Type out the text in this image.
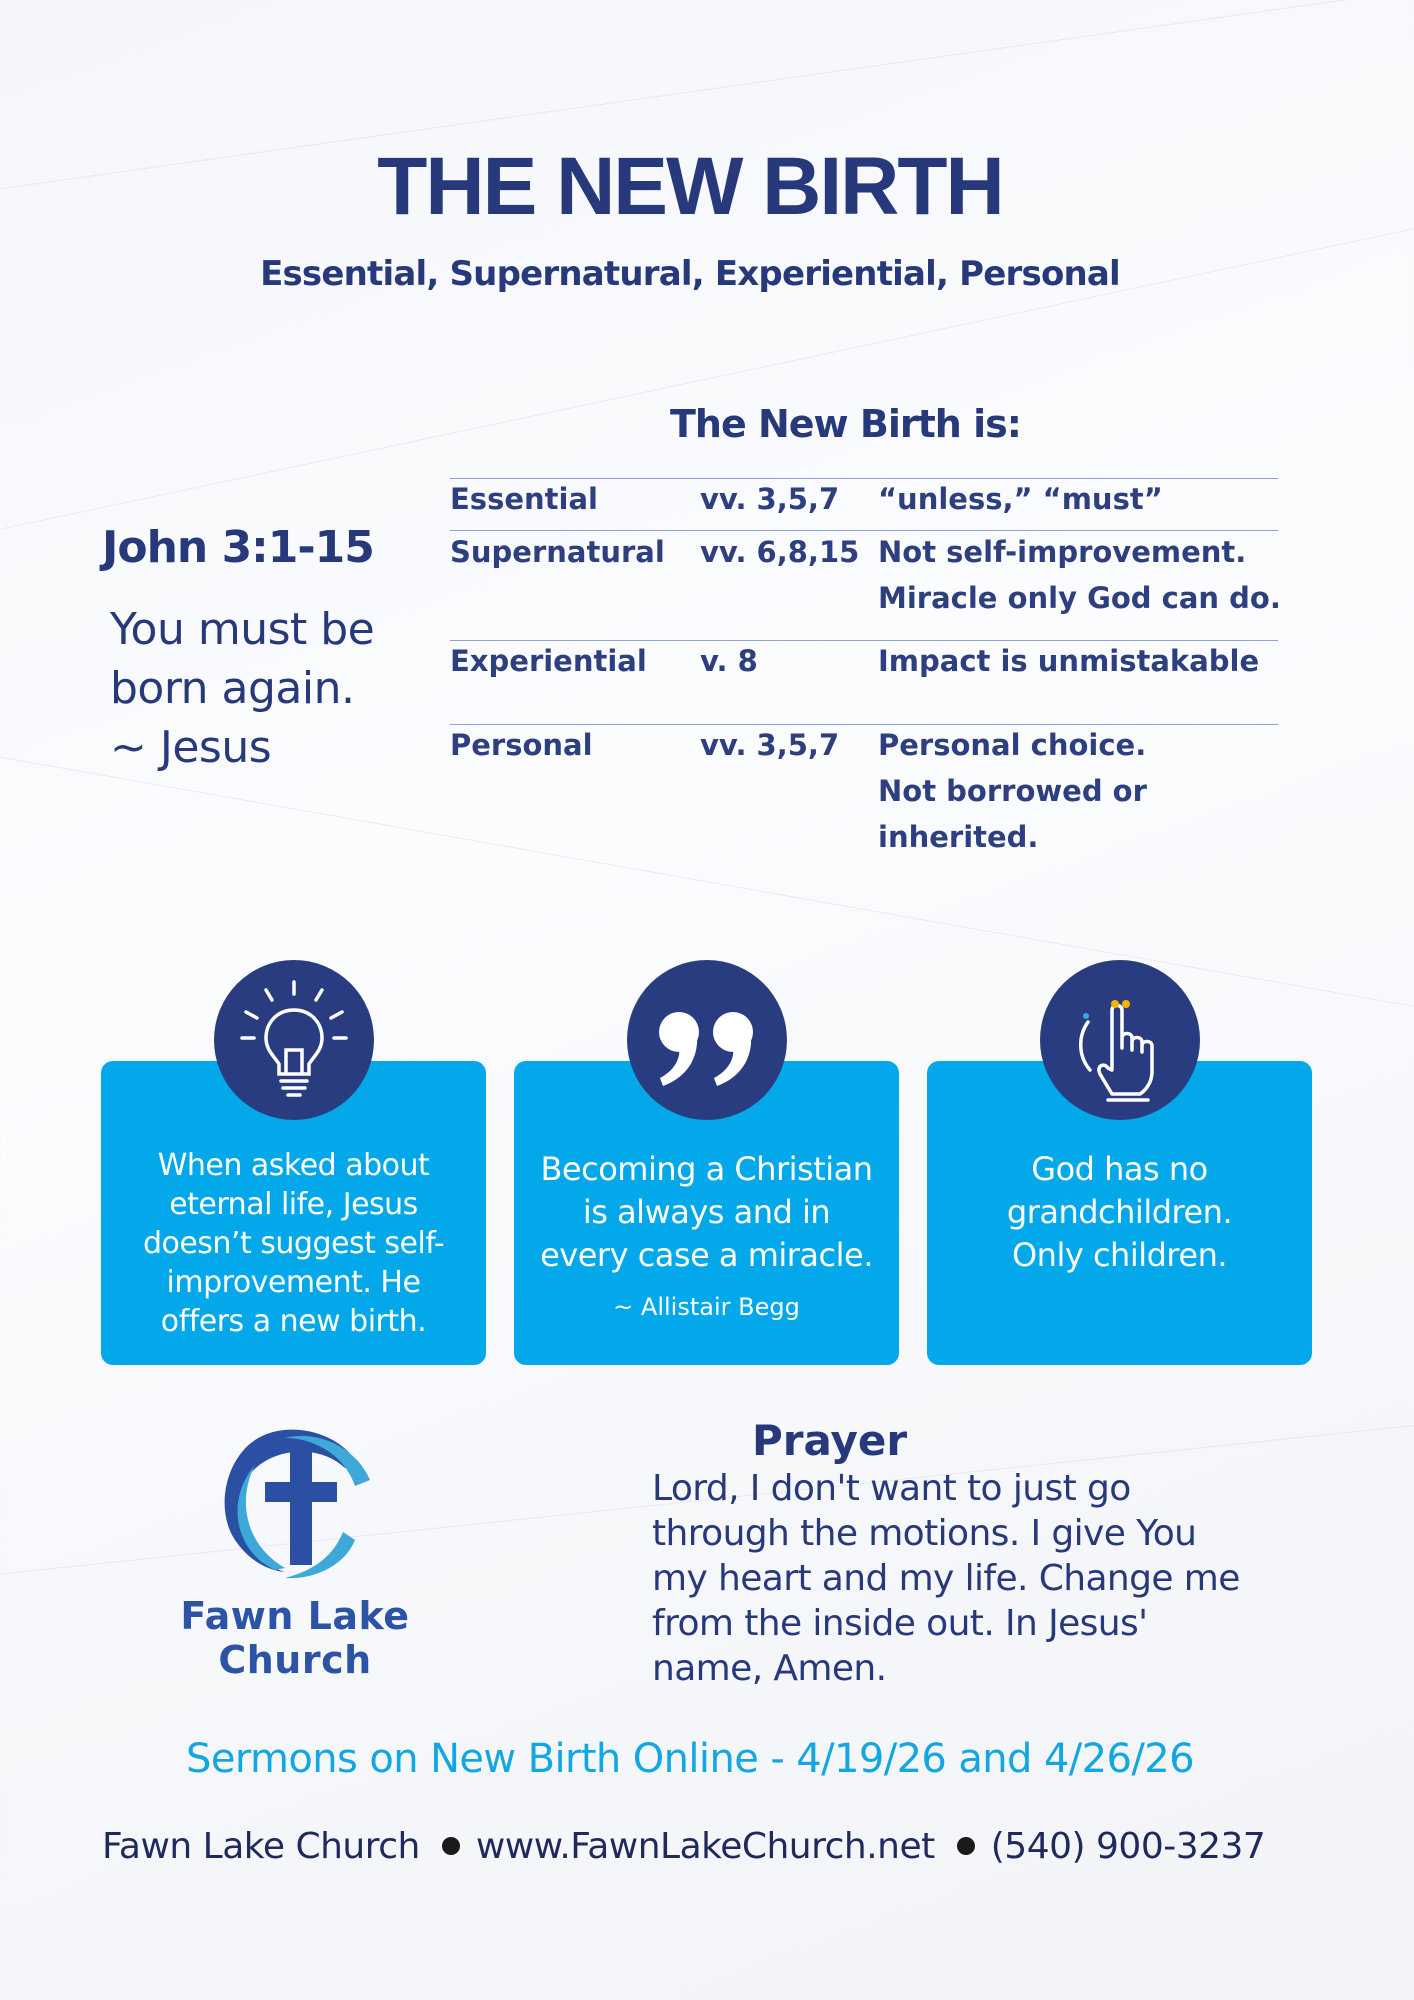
THE NEW BIRTH
Essential, Supernatural, Experiential, Personal
John 3:1-15
You must be
born again.
~ Jesus
The New Birth is:
Essential	vv. 3,5,7 “unless,” “must”
Supernatural vv. 6,8,15 Not self-improvement.
Miracle only God can do.
Experiential v. 8	Impact is unmistakable
Personal	vv. 3,5,7 Personal choice.
Not borrowed or
inherited.
When asked about
eternal life, Jesus
doesn’t suggest self-
improvement. He
offers a new birth.
Becoming a Christian
is always and in
every case a miracle.
~ Allistair Begg
God has no
grandchildren.
Only children.
Fawn Lake
Church
Prayer
Lord, I don't want to just go
through the motions. I give You
my heart and my life. Change me
from the inside out. In Jesus'
name, Amen.
Sermons on New Birth Online - 4/19/26 and 4/26/26
Fawn Lake Church www.FawnLakeChurch.net (540) 900-3237
